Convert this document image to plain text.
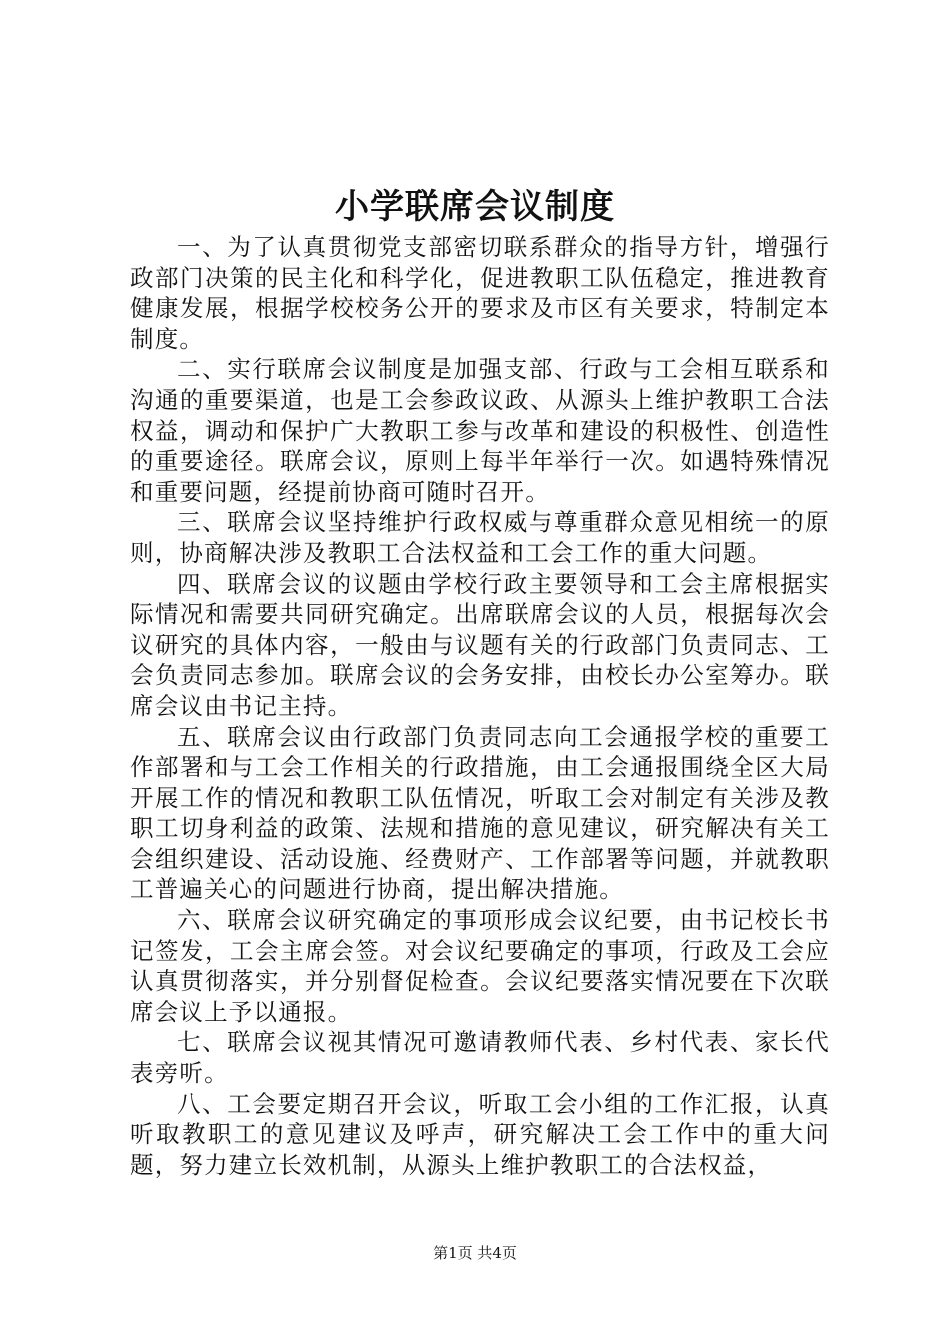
小学联席会议制度

一、为了认真贯彻党支部密切联系群众的指导方针，增强行政部门决策的民主化和科学化，促进教职工队伍稳定，推进教育健康发展，根据学校校务公开的要求及市区有关要求，特制定本制度。

二、实行联席会议制度是加强支部、行政与工会相互联系和沟通的重要渠道，也是工会参政议政、从源头上维护教职工合法权益，调动和保护广大教职工参与改革和建设的积极性、创造性的重要途径。联席会议，原则上每半年举行一次。如遇特殊情况和重要问题，经提前协商可随时召开。

三、联席会议坚持维护行政权威与尊重群众意见相统一的原则，协商解决涉及教职工合法权益和工会工作的重大问题。

四、联席会议的议题由学校行政主要领导和工会主席根据实际情况和需要共同研究确定。出席联席会议的人员，根据每次会议研究的具体内容，一般由与议题有关的行政部门负责同志、工会负责同志参加。联席会议的会务安排，由校长办公室筹办。联席会议由书记主持。

五、联席会议由行政部门负责同志向工会通报学校的重要工作部署和与工会工作相关的行政措施，由工会通报围绕全区大局开展工作的情况和教职工队伍情况，听取工会对制定有关涉及教职工切身利益的政策、法规和措施的意见建议，研究解决有关工会组织建设、活动设施、经费财产、工作部署等问题，并就教职工普遍关心的问题进行协商，提出解决措施。

六、联席会议研究确定的事项形成会议纪要，由书记校长书记签发，工会主席会签。对会议纪要确定的事项，行政及工会应认真贯彻落实，并分别督促检查。会议纪要落实情况要在下次联席会议上予以通报。

七、联席会议视其情况可邀请教师代表、乡村代表、家长代表旁听。

八、工会要定期召开会议，听取工会小组的工作汇报，认真听取教职工的意见建议及呼声，研究解决工会工作中的重大问题，努力建立长效机制，从源头上维护教职工的合法权益，

第1页 共4页
